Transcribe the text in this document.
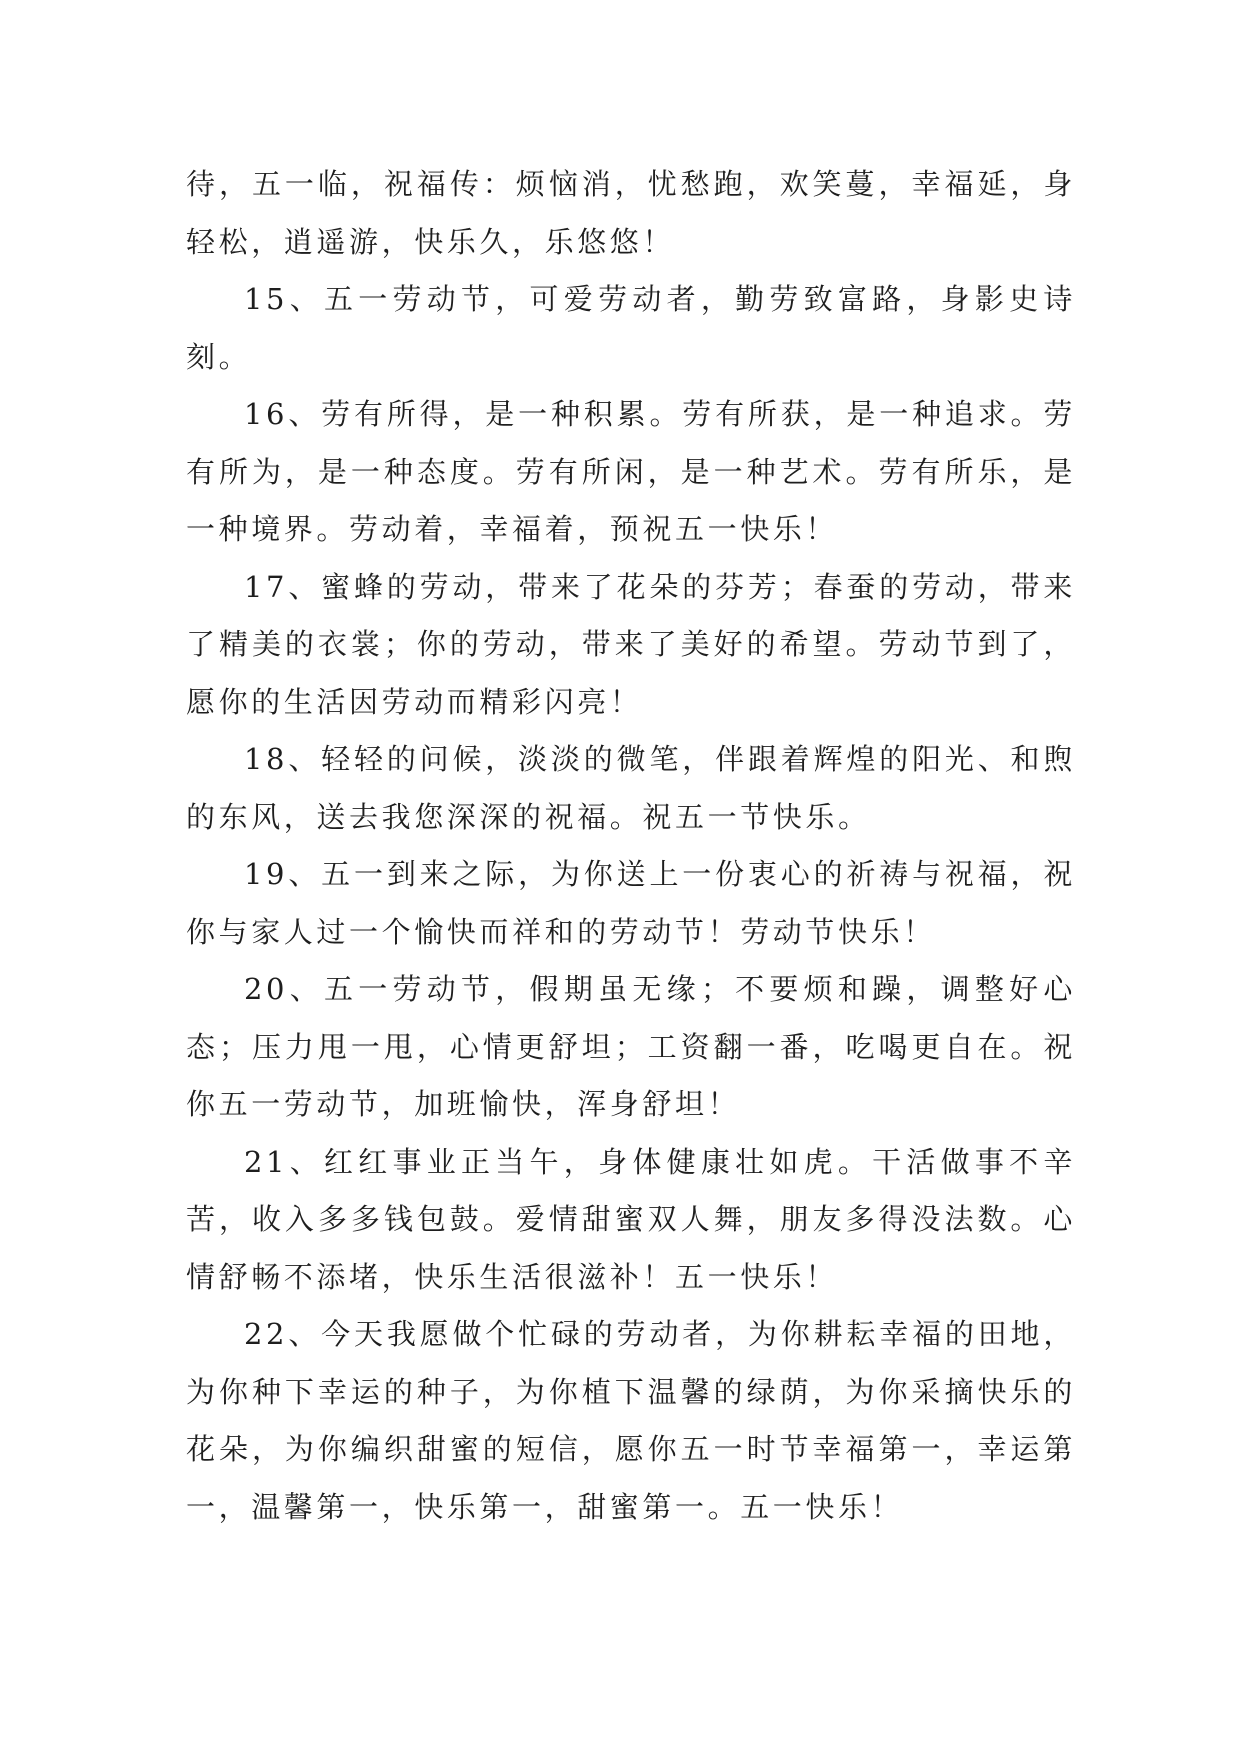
待，五一临，祝福传：烦恼消，忧愁跑，欢笑蔓，幸福延，身轻松，逍遥游，快乐久，乐悠悠！

15、五一劳动节，可爱劳动者，勤劳致富路，身影史诗刻。

16、劳有所得，是一种积累。劳有所获，是一种追求。劳有所为，是一种态度。劳有所闲，是一种艺术。劳有所乐，是一种境界。劳动着，幸福着，预祝五一快乐！

17、蜜蜂的劳动，带来了花朵的芬芳；春蚕的劳动，带来了精美的衣裳；你的劳动，带来了美好的希望。劳动节到了，愿你的生活因劳动而精彩闪亮！

18、轻轻的问候，淡淡的微笔，伴跟着辉煌的阳光、和煦的东风，送去我您深深的祝福。祝五一节快乐。

19、五一到来之际，为你送上一份衷心的祈祷与祝福，祝你与家人过一个愉快而祥和的劳动节！劳动节快乐！

20、五一劳动节，假期虽无缘；不要烦和躁，调整好心态；压力甩一甩，心情更舒坦；工资翻一番，吃喝更自在。祝你五一劳动节，加班愉快，浑身舒坦！

21、红红事业正当午，身体健康壮如虎。干活做事不辛苦，收入多多钱包鼓。爱情甜蜜双人舞，朋友多得没法数。心情舒畅不添堵，快乐生活很滋补！五一快乐！

22、今天我愿做个忙碌的劳动者，为你耕耘幸福的田地，为你种下幸运的种子，为你植下温馨的绿荫，为你采摘快乐的花朵，为你编织甜蜜的短信，愿你五一时节幸福第一，幸运第一，温馨第一，快乐第一，甜蜜第一。五一快乐！
